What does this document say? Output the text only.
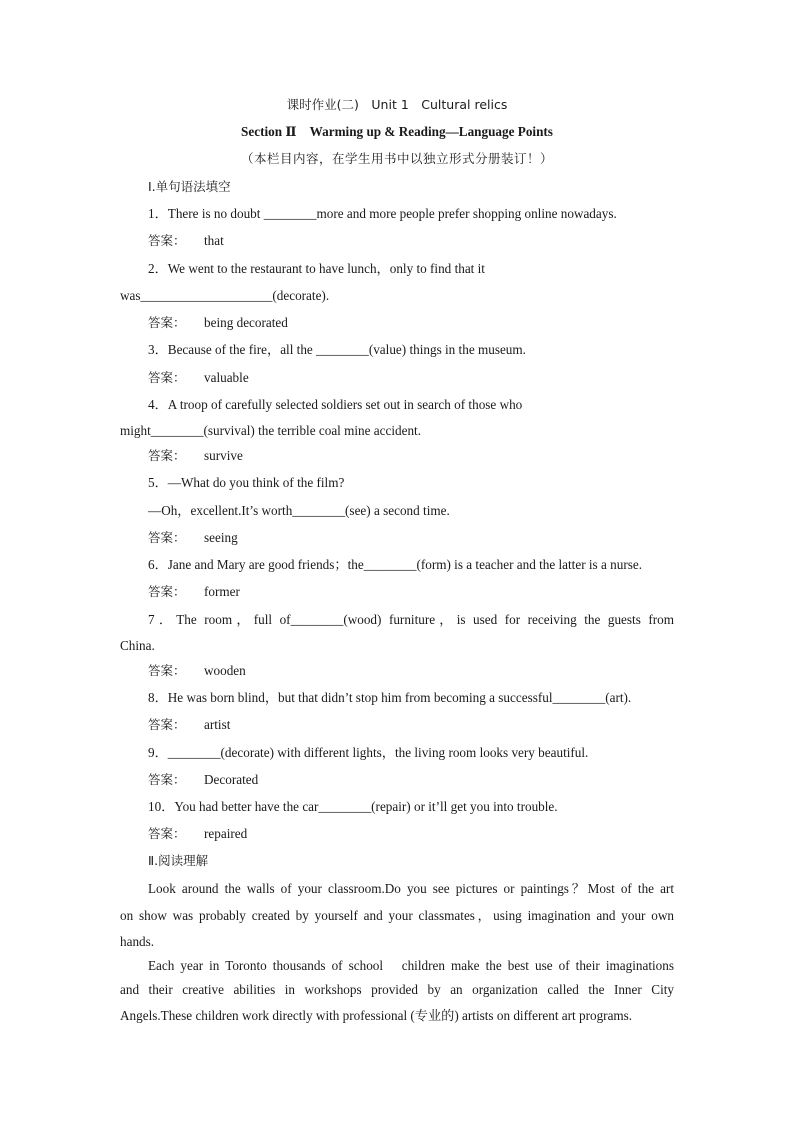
课时作业(二)　Unit 1　Cultural relics
Section Ⅱ　Warming up & Reading—Language Points
（本栏目内容，在学生用书中以独立形式分册装订！）
Ⅰ.单句语法填空
1．There is no doubt ________more and more people prefer shopping online nowadays.
答案： that
2．We went to the restaurant to have lunch，only to find that it
was____________________(decorate).
答案： being decorated
3．Because of the fire，all the ________(value) things in the museum.
答案： valuable
4．A troop of carefully selected soldiers set out in search of those who
might________(survival) the terrible coal mine accident.
答案： survive
5．—What do you think of the film?
—Oh，excellent.It’s worth________(see) a second time.
答案： seeing
6．Jane and Mary are good friends；the________(form) is a teacher and the latter is a nurse.
答案： former
7．The room，full of________(wood) furniture，is used for receiving the guests from
China.
答案： wooden
8．He was born blind，but that didn’t stop him from becoming a successful________(art).
答案： artist
9．________(decorate) with different lights，the living room looks very beautiful.
答案： Decorated
10．You had better have the car________(repair) or it’ll get you into trouble.
答案： repaired
Ⅱ.阅读理解
Look around the walls of your classroom.Do you see pictures or paintings？Most of the art
on show was probably created by yourself and your classmates，using imagination and your own
hands.
Each year in Toronto thousands of school　children make the best use of their imaginations
and their creative abilities in workshops provided by an organization called the Inner City
Angels.These children work directly with professional (专业的) artists on different art programs.
